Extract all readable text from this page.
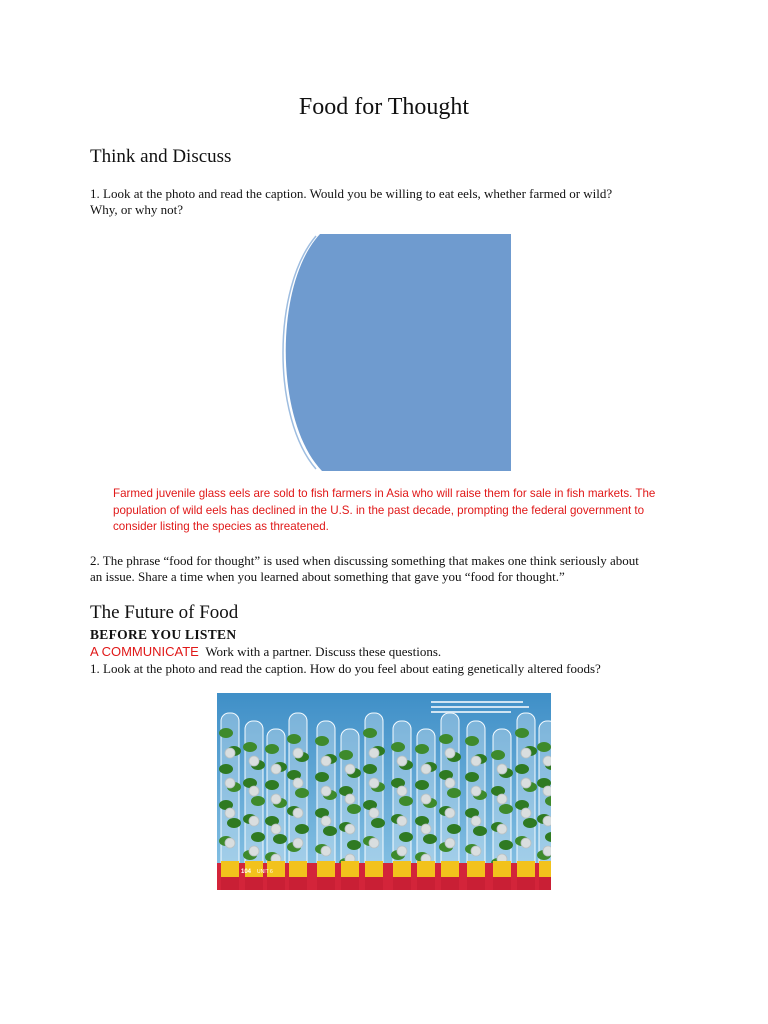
Food for Thought
Think and Discuss
1. Look at the photo and read the caption. Would you be willing to eat eels, whether farmed or wild?
Why, or why not?
Farmed juvenile glass eels are sold to fish farmers in Asia who will raise them for sale in fish markets. The
population of wild eels has declined in the U.S. in the past decade, prompting the federal government to
consider listing the species as threatened.
2. The phrase “food for thought” is used when discussing something that makes one think seriously about
an issue. Share a time when you learned about something that gave you “food for thought.”
The Future of Food
BEFORE YOU LISTEN
A COMMUNICATE Work with a partner. Discuss these questions.
1. Look at the photo and read the caption. How do you feel about eating genetically altered foods?
104 UNIT 6
